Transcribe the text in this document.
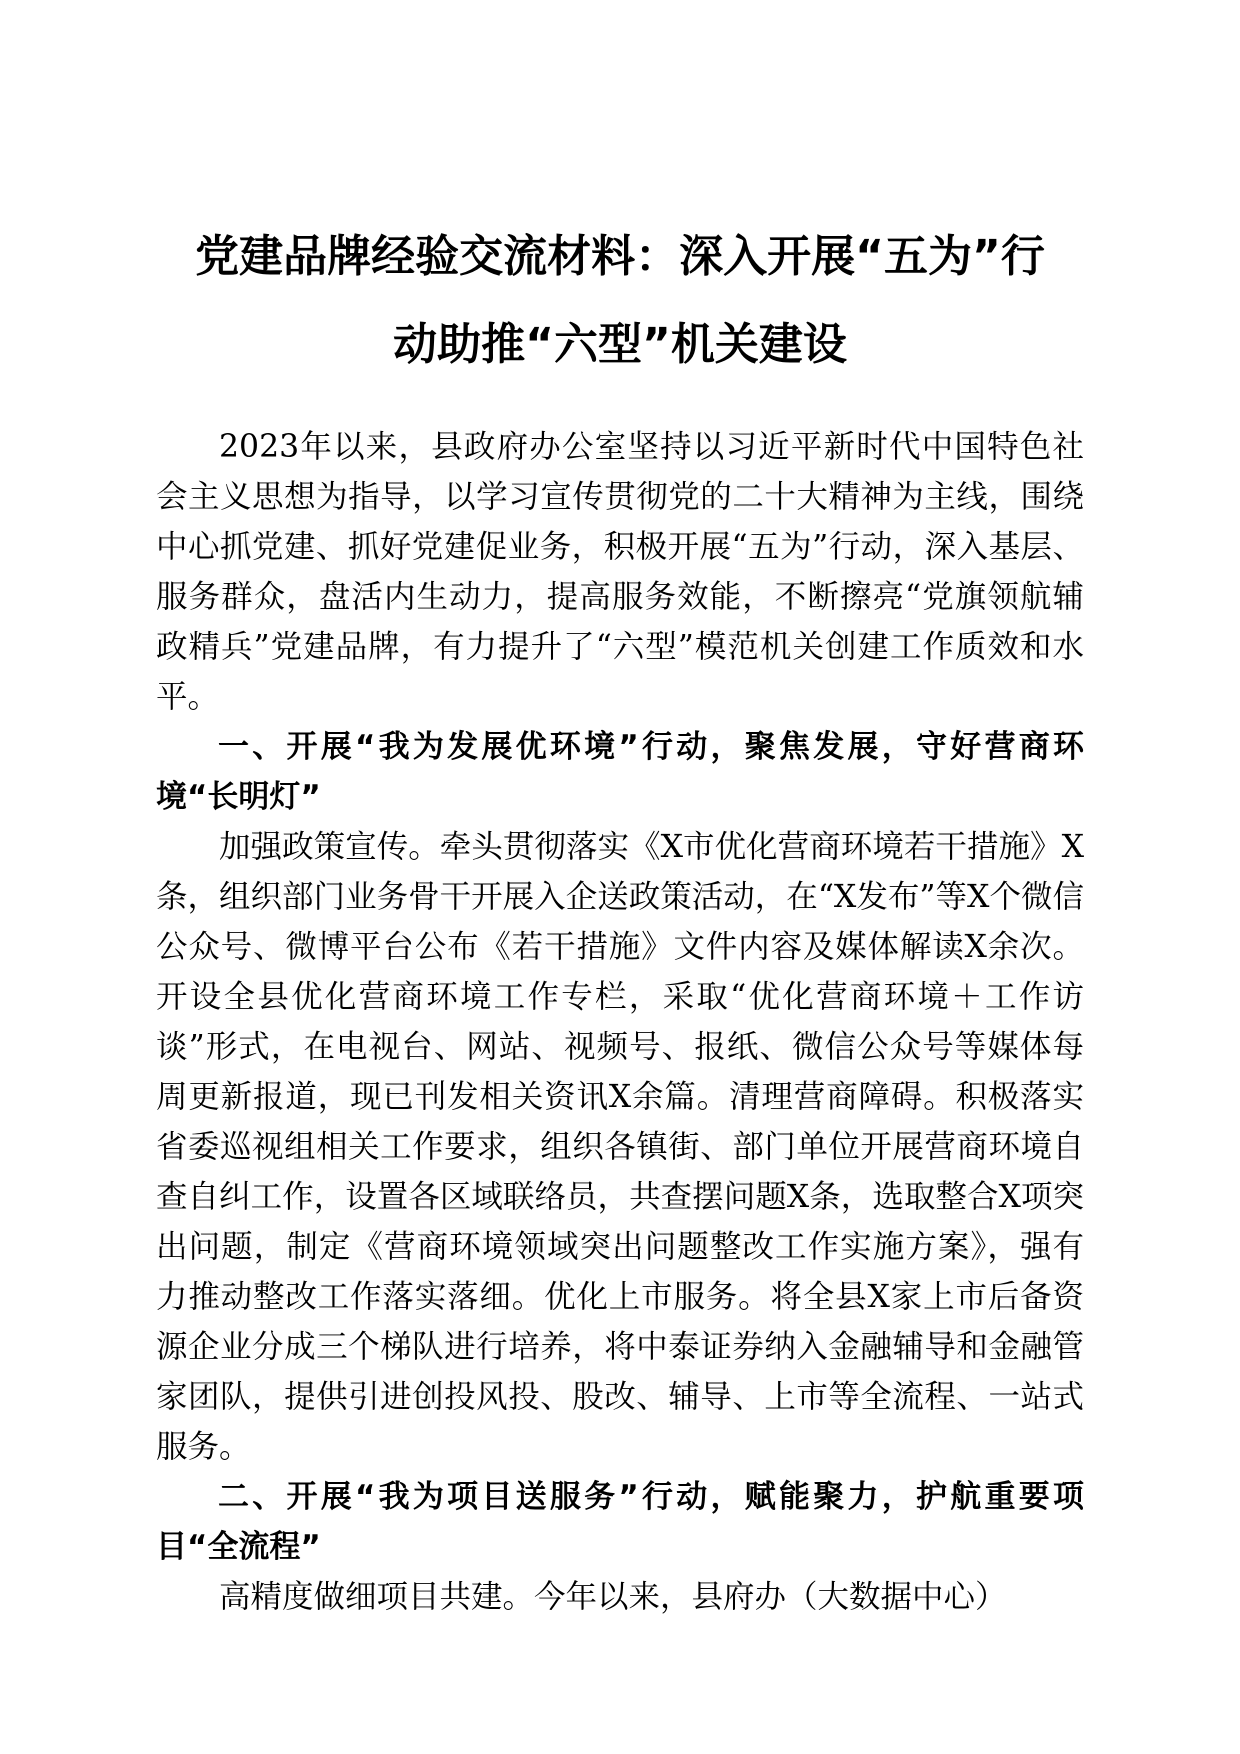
党建品牌经验交流材料：深入开展“五为”行
动助推“六型”机关建设

2023年以来，县政府办公室坚持以习近平新时代中国特色社会主义思想为指导，以学习宣传贯彻党的二十大精神为主线，围绕中心抓党建、抓好党建促业务，积极开展“五为”行动，深入基层、服务群众，盘活内生动力，提高服务效能，不断擦亮“党旗领航辅政精兵”党建品牌，有力提升了“六型”模范机关创建工作质效和水平。

一、开展“我为发展优环境”行动，聚焦发展，守好营商环境“长明灯”

加强政策宣传。牵头贯彻落实《X市优化营商环境若干措施》X条，组织部门业务骨干开展入企送政策活动，在“X发布”等X个微信公众号、微博平台公布《若干措施》文件内容及媒体解读X余次。开设全县优化营商环境工作专栏，采取“优化营商环境＋工作访谈”形式，在电视台、网站、视频号、报纸、微信公众号等媒体每周更新报道，现已刊发相关资讯X余篇。清理营商障碍。积极落实省委巡视组相关工作要求，组织各镇街、部门单位开展营商环境自查自纠工作，设置各区域联络员，共查摆问题X条，选取整合X项突出问题，制定《营商环境领域突出问题整改工作实施方案》，强有力推动整改工作落实落细。优化上市服务。将全县X家上市后备资源企业分成三个梯队进行培养，将中泰证券纳入金融辅导和金融管家团队，提供引进创投风投、股改、辅导、上市等全流程、一站式服务。

二、开展“我为项目送服务”行动，赋能聚力，护航重要项目“全流程”

高精度做细项目共建。今年以来，县府办（大数据中心）
